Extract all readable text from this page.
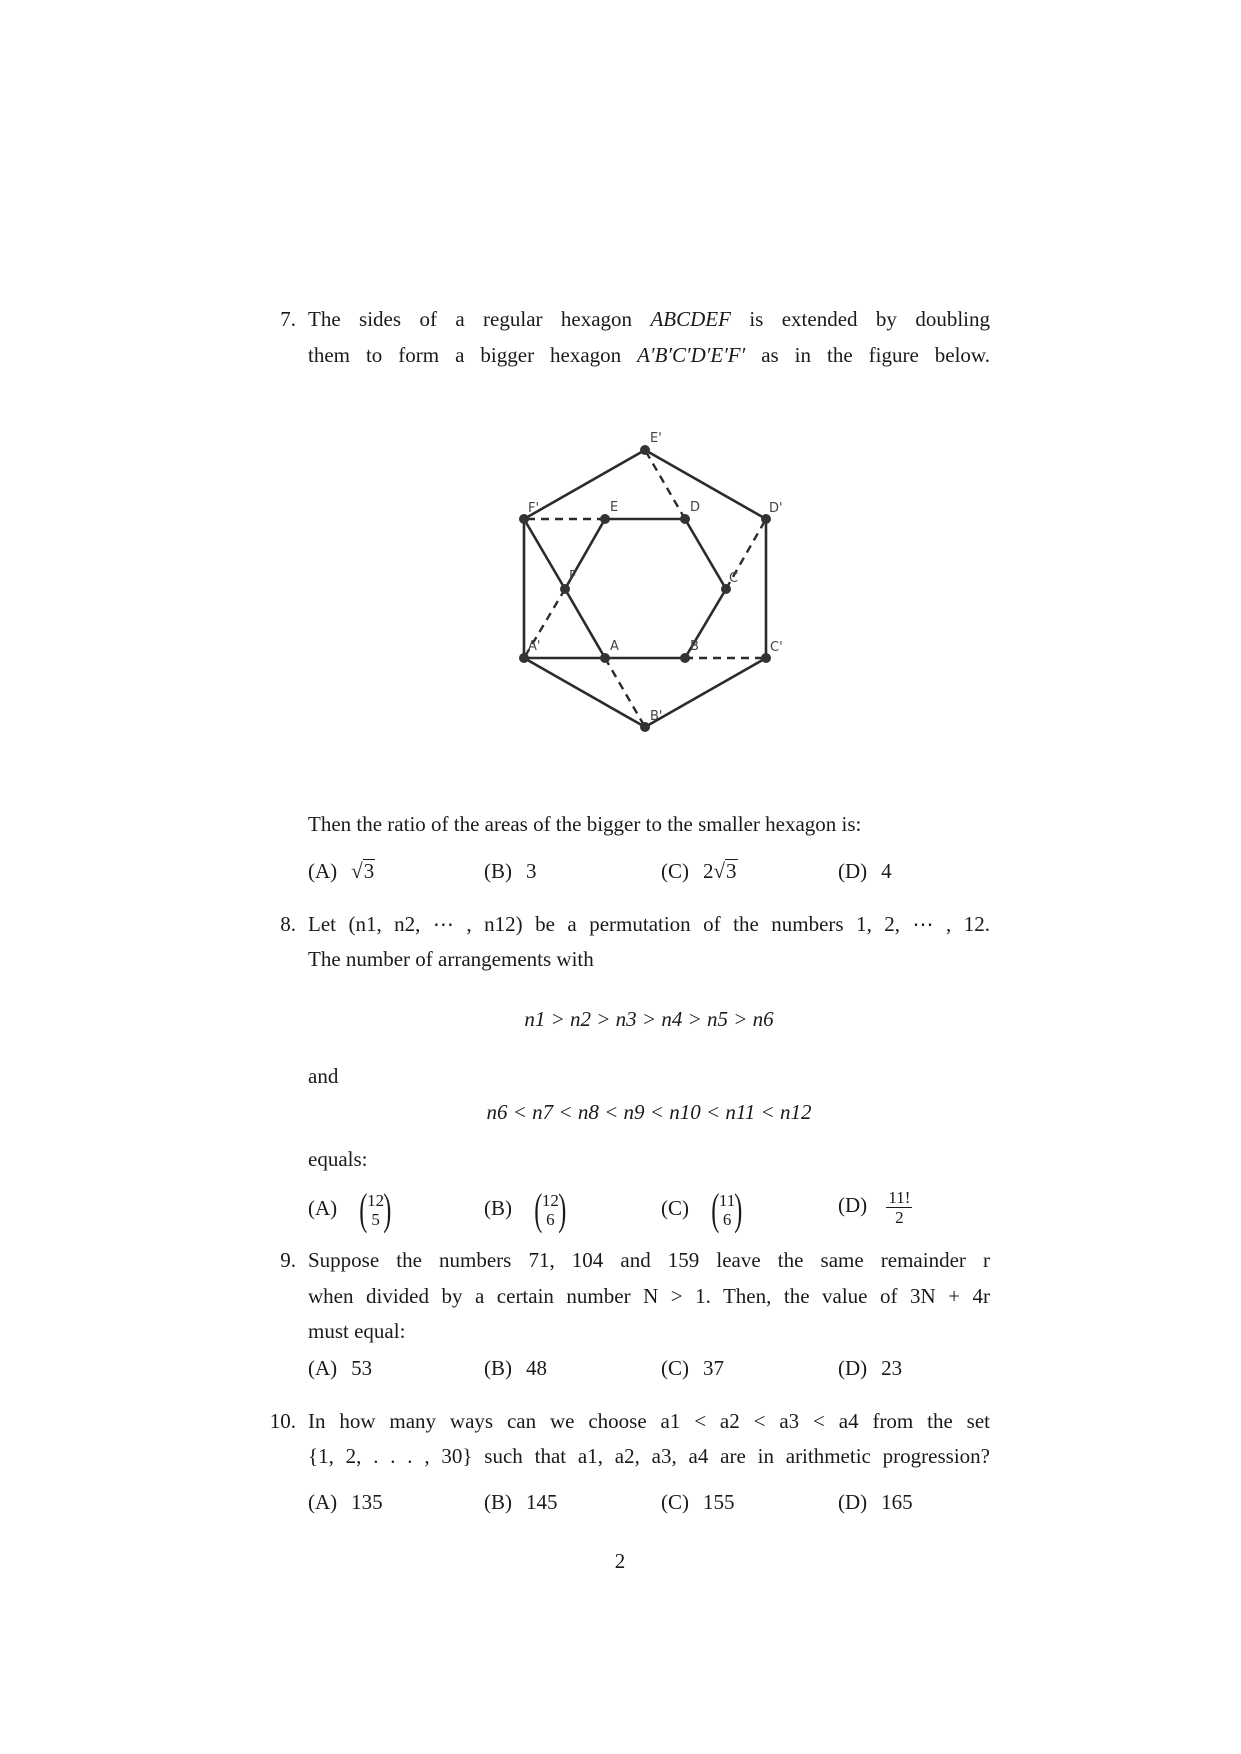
7. The sides of a regular hexagon ABCDEF is extended by doubling
them to form a bigger hexagon A′B′C′D′E′F′ as in the figure below.
E'
D'
C'
B'
A'
F'
A	B
C
D
E
F
Then the ratio of the areas of the bigger to the smaller hexagon is:
(A) √3	(B) 3	(C) 2√3	(D) 4
8. Let (n1, n2, ⋯ , n12) be a permutation of the numbers 1, 2, ⋯ , 12.
The number of arrangements with
n1 > n2 > n3 > n4 > n5 > n6
and
n6 < n7 < n8 < n9 < n10 < n11 < n12
equals:
(A) ( 12
5 )	(B) ( 12
6 )	(C) ( 11
6 )	$(D) \frac{11!}{2}$
9. Suppose the numbers 71, 104 and 159 leave the same remainder r
when divided by a certain number N > 1. Then, the value of 3N + 4r
must equal:
(A) 53	(B) 48	(C) 37	(D) 23
10. In how many ways can we choose a1 < a2 < a3 < a4 from the set
{1, 2, . . . , 30} such that a1, a2, a3, a4 are in arithmetic progression?
(A) 135	(B) 145	(C) 155	(D) 165
2
